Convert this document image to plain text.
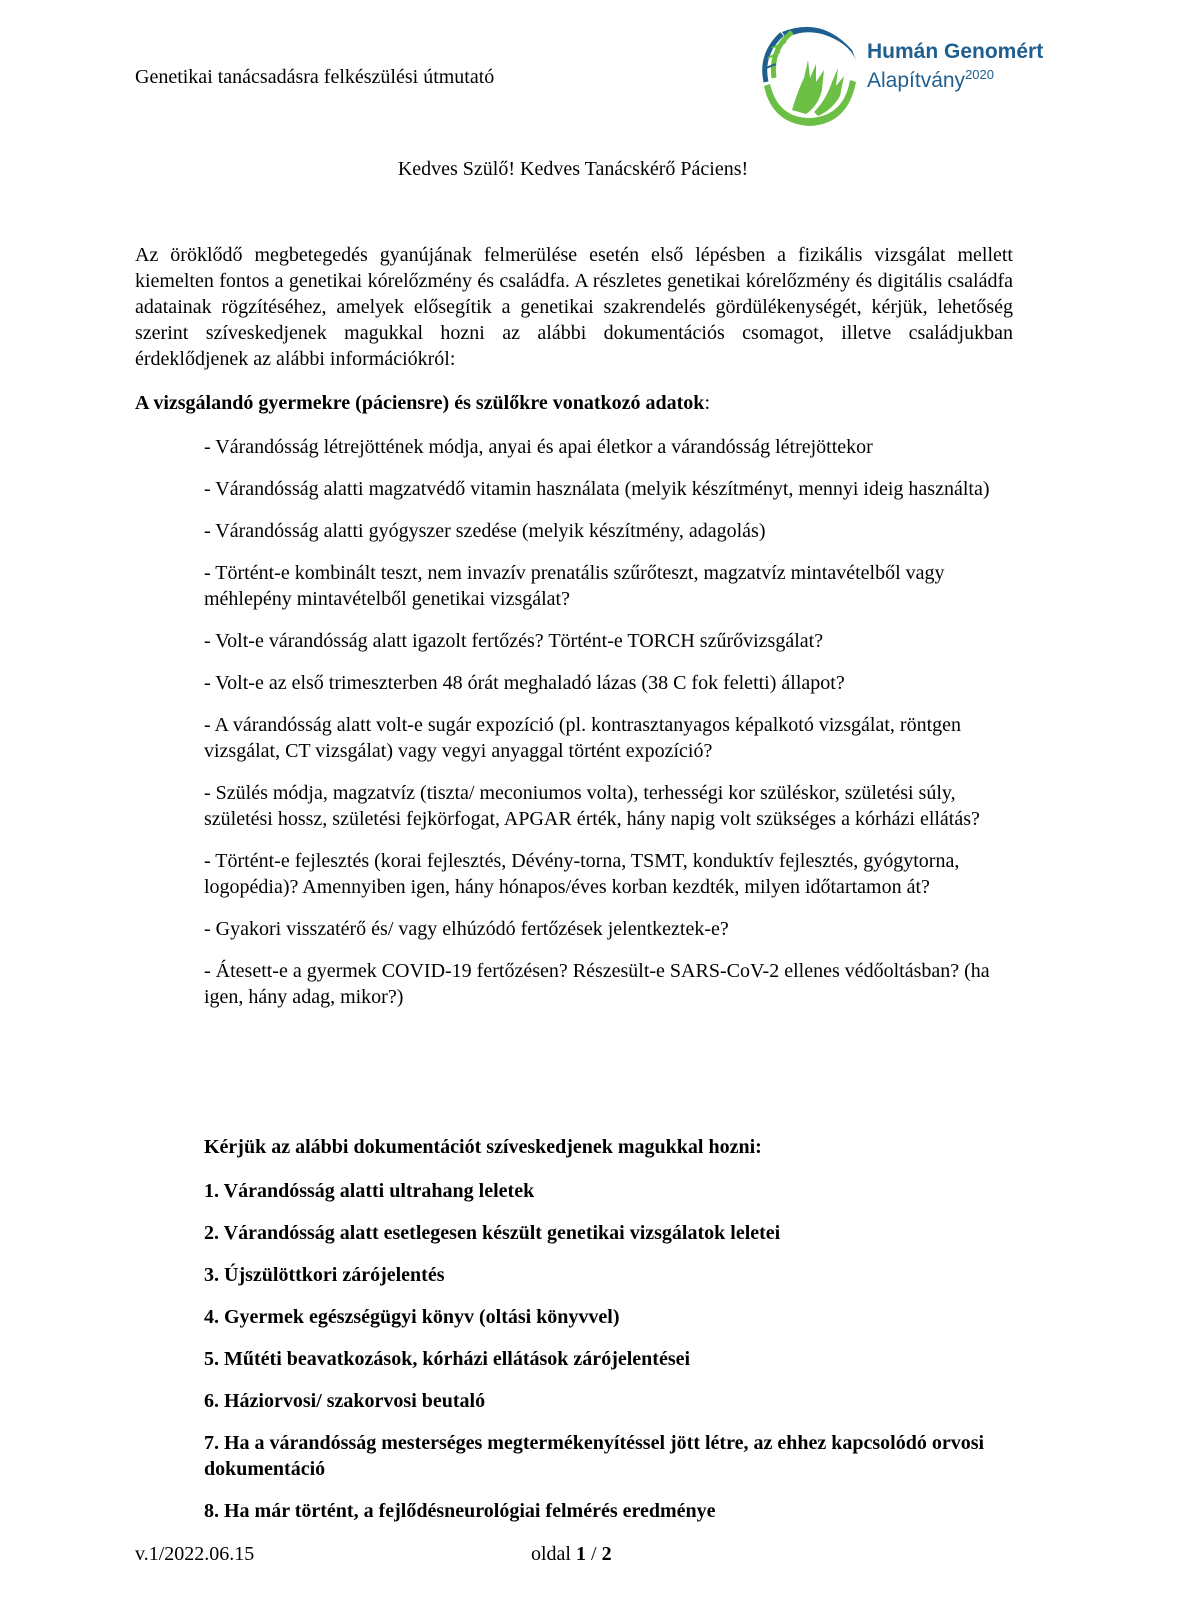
Genetikai tanácsadásra felkészülési útmutató
Humán Genomért
Alapítvány$^{2020}$
Kedves Szülő! Kedves Tanácskérő Páciens!
Az öröklődő megbetegedés gyanújának felmerülése esetén első lépésben a fizikális vizsgálat mellett kiemelten fontos a genetikai kórelőzmény és családfa. A részletes genetikai kórelőzmény és digitális családfa adatainak rögzítéséhez, amelyek elősegítik a genetikai szakrendelés gördülékenységét, kérjük, lehetőség szerint szíveskedjenek magukkal hozni az alábbi dokumentációs csomagot, illetve családjukban érdeklődjenek az alábbi információkról:
A vizsgálandó gyermekre (páciensre) és szülőkre vonatkozó adatok:
- Várandósság létrejöttének módja, anyai és apai életkor a várandósság létrejöttekor
- Várandósság alatti magzatvédő vitamin használata (melyik készítményt, mennyi ideig használta)
- Várandósság alatti gyógyszer szedése (melyik készítmény, adagolás)
- Történt-e kombinált teszt, nem invazív prenatális szűrőteszt, magzatvíz mintavételből vagy méhlepény mintavételből genetikai vizsgálat?
- Volt-e várandósság alatt igazolt fertőzés? Történt-e TORCH szűrővizsgálat?
- Volt-e az első trimeszterben 48 órát meghaladó lázas (38 C fok feletti) állapot?
- A várandósság alatt volt-e sugár expozíció (pl. kontrasztanyagos képalkotó vizsgálat, röntgen vizsgálat, CT vizsgálat) vagy vegyi anyaggal történt expozíció?
- Szülés módja, magzatvíz (tiszta/ meconiumos volta), terhességi kor szüléskor, születési súly, születési hossz, születési fejkörfogat, APGAR érték, hány napig volt szükséges a kórházi ellátás?
- Történt-e fejlesztés (korai fejlesztés, Dévény-torna, TSMT, konduktív fejlesztés, gyógytorna, logopédia)? Amennyiben igen, hány hónapos/éves korban kezdték, milyen időtartamon át?
- Gyakori visszatérő és/ vagy elhúzódó fertőzések jelentkeztek-e?
- Átesett-e a gyermek COVID-19 fertőzésen? Részesült-e SARS-CoV-2 ellenes védőoltásban? (ha igen, hány adag, mikor?)
Kérjük az alábbi dokumentációt szíveskedjenek magukkal hozni:
1. Várandósság alatti ultrahang leletek
2. Várandósság alatt esetlegesen készült genetikai vizsgálatok leletei
3. Újszülöttkori zárójelentés
4. Gyermek egészségügyi könyv (oltási könyvvel)
5. Műtéti beavatkozások, kórházi ellátások zárójelentései
6. Háziorvosi/ szakorvosi beutaló
7. Ha a várandósság mesterséges megtermékenyítéssel jött létre, az ehhez kapcsolódó orvosi dokumentáció
8. Ha már történt, a fejlődésneurológiai felmérés eredménye
v.1/2022.06.15	oldal 1 / 2
